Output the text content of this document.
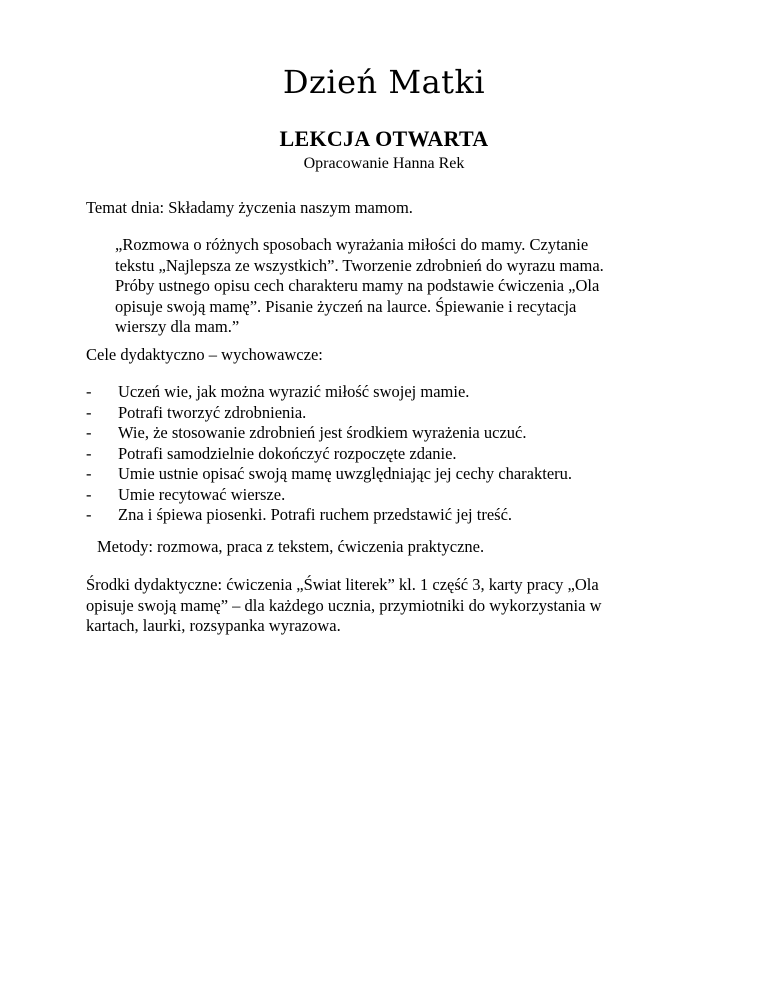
Dzień Matki
LEKCJA OTWARTA
Opracowanie Hanna Rek
Temat dnia: Składamy życzenia naszym mamom.
„Rozmowa o różnych sposobach wyrażania miłości do mamy. Czytanie
tekstu „Najlepsza ze wszystkich”. Tworzenie zdrobnień do wyrazu mama.
Próby ustnego opisu cech charakteru mamy na podstawie ćwiczenia „Ola
opisuje swoją mamę”. Pisanie życzeń na laurce. Śpiewanie i recytacja
wierszy dla mam.”
Cele dydaktyczno – wychowawcze:
- Uczeń wie, jak można wyrazić miłość swojej mamie.
- Potrafi tworzyć zdrobnienia.
- Wie, że stosowanie zdrobnień jest środkiem wyrażenia uczuć.
- Potrafi samodzielnie dokończyć rozpoczęte zdanie.
- Umie ustnie opisać swoją mamę uwzględniając jej cechy charakteru.
- Umie recytować wiersze.
- Zna i śpiewa piosenki. Potrafi ruchem przedstawić jej treść.
Metody: rozmowa, praca z tekstem, ćwiczenia praktyczne.
Środki dydaktyczne: ćwiczenia „Świat literek” kl. 1 część 3, karty pracy „Ola
opisuje swoją mamę” – dla każdego ucznia, przymiotniki do wykorzystania w
kartach, laurki, rozsypanka wyrazowa.
